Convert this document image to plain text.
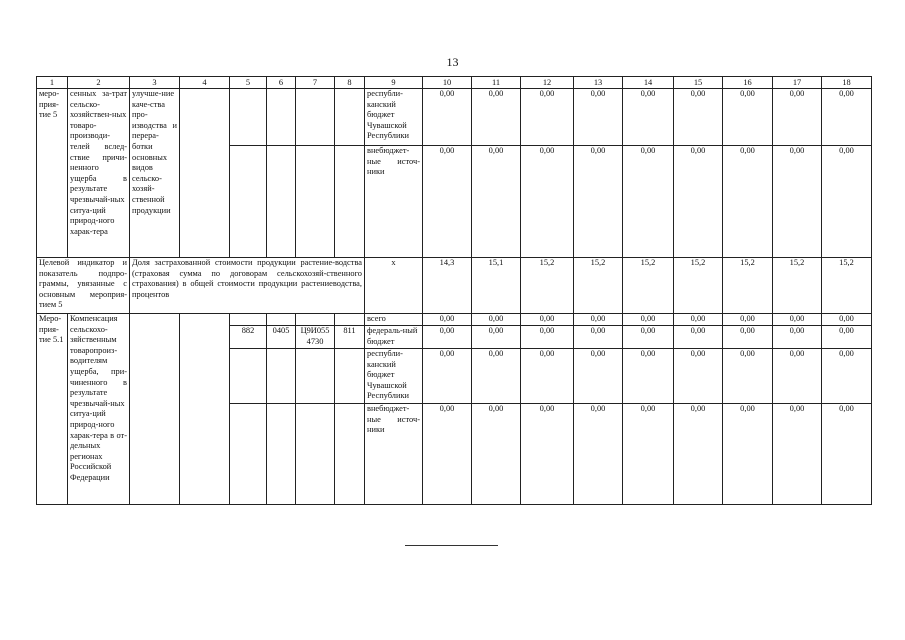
13
1	2	3	4	5	6	7	8	9	10	11	12	13	14	15	16	17	18
меро-прия-тие 5	сенных за-трат сельско-хозяйствен-ных товаро-производи-телей вслед-ствие причи-ненного ущерба в результате чрезвычай-ных ситуа-ций природ-ного харак-тера	улучше-ние каче-ства про-изводства и перера-ботки основных видов сельско-хозяй-ственной продукции						республи-канский бюджет Чувашской Республики	0,00	0,00	0,00	0,00	0,00	0,00	0,00	0,00	0,00
								внебюджет-ные источ-ники	0,00	0,00	0,00	0,00	0,00	0,00	0,00	0,00	0,00
Целевой индикатор и показатель подпро-граммы, увязанные с основным мероприя-тием 5		Доля застрахованной стоимости продукции растение-водства (страховая сумма по договорам сельскохозяй-ственного страхования) в общей стоимости продукции растениеводства, процентов						x	14,3	15,1	15,2	15,2	15,2	15,2	15,2	15,2	15,2
Меро-прия-тие 5.1	Компенсация сельскохо-зяйственным товаропроиз-водителям ущерба, при-чиненного в результате чрезвычай-ных ситуа-ций природ-ного харак-тера в от-дельных регионах Российской Федерации							всего	0,00	0,00	0,00	0,00	0,00	0,00	0,00	0,00	0,00
				882	0405	Ц9И055 4730	811	федераль-ный бюджет	0,00	0,00	0,00	0,00	0,00	0,00	0,00	0,00	0,00
								республи-канский бюджет Чувашской Республики	0,00	0,00	0,00	0,00	0,00	0,00	0,00	0,00	0,00
								внебюджет-ные источ-ники	0,00	0,00	0,00	0,00	0,00	0,00	0,00	0,00	0,00
